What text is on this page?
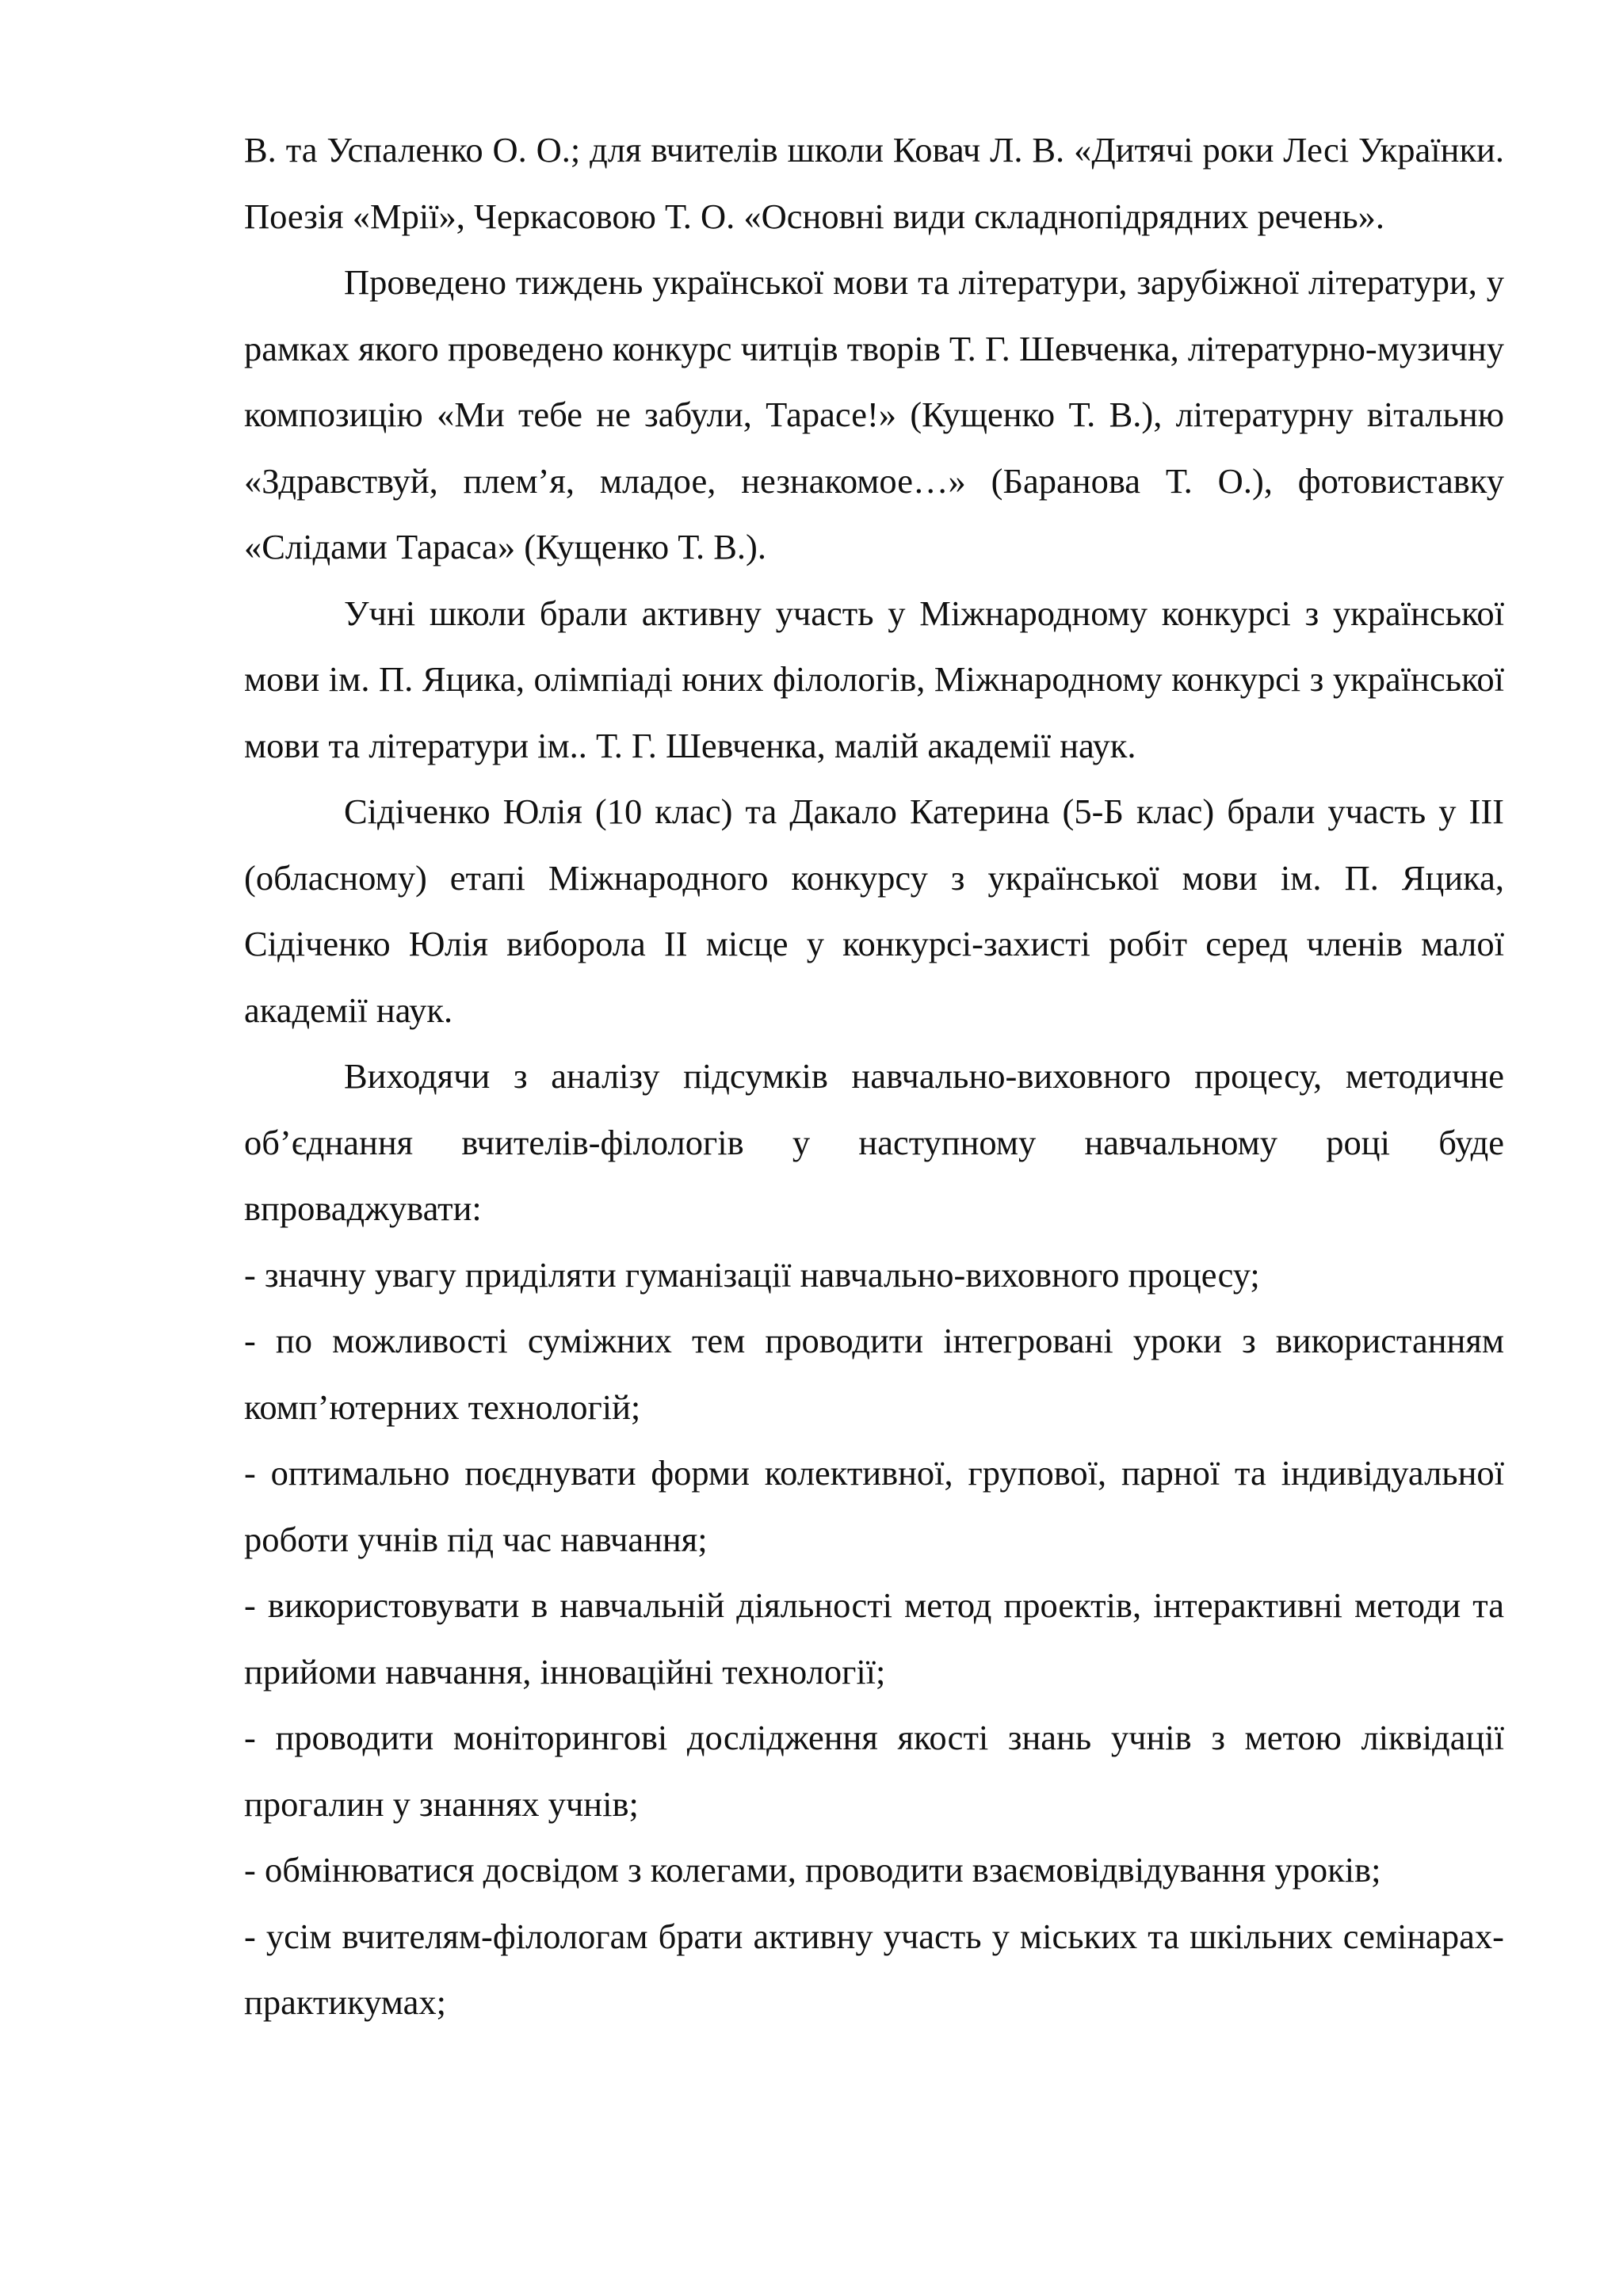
В. та Успаленко О. О.; для вчителів школи Ковач Л. В. «Дитячі роки Лесі Українки. Поезія «Мрії», Черкасовою Т. О. «Основні види складнопідрядних речень».

Проведено тиждень української мови та літератури, зарубіжної літератури, у рамках якого проведено конкурс читців творів Т. Г. Шевченка, літературно-музичну композицію «Ми тебе не забули, Тарасе!» (Кущенко Т. В.), літературну вітальню «Здравствуй, плем’я, младое, незнакомое…» (Баранова Т. О.), фотовиставку «Слідами Тараса» (Кущенко Т. В.).

Учні школи брали активну участь у Міжнародному конкурсі з української мови ім. П. Яцика, олімпіаді юних філологів, Міжнародному конкурсі з української мови та літератури ім.. Т. Г. Шевченка, малій академії наук.

Сідіченко Юлія (10 клас) та Дакало Катерина (5-Б клас) брали участь у ІІІ (обласному) етапі Міжнародного конкурсу з української мови ім. П. Яцика, Сідіченко Юлія виборола ІІ місце у конкурсі-захисті робіт серед членів малої академії наук.

Виходячи з аналізу підсумків навчально-виховного процесу, методичне об’єднання вчителів-філологів у наступному навчальному році буде впроваджувати:

- значну увагу приділяти гуманізації навчально-виховного процесу;

- по можливості суміжних тем проводити інтегровані уроки з використанням комп’ютерних технологій;

- оптимально поєднувати форми колективної, групової, парної та індивідуальної роботи учнів під час навчання;

- використовувати в навчальній діяльності метод проектів, інтерактивні методи та прийоми навчання, інноваційні технології;

- проводити моніторингові дослідження якості знань учнів з метою ліквідації прогалин у знаннях учнів;

- обмінюватися досвідом з колегами, проводити взаємовідвідування уроків;

- усім вчителям-філологам брати активну участь у міських та шкільних семінарах-практикумах;
